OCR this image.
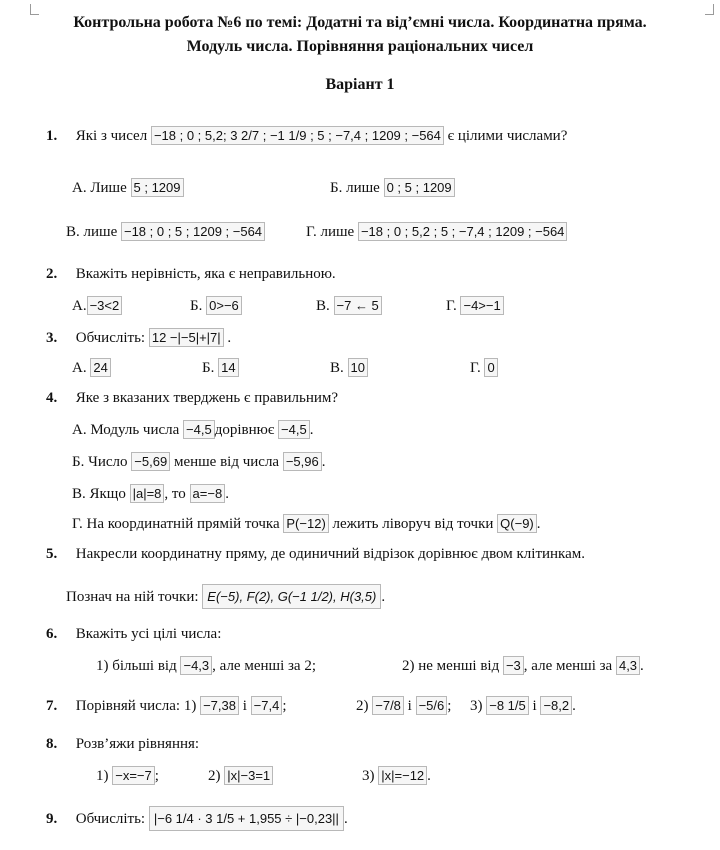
Контрольна робота №6 по темі: Додатні та від’ємні числа. Координатна пряма.
Модуль числа. Порівняння раціональних чисел
Варіант 1
1. Які з чисел −18 ; 0 ; 5,2; 3 2/7 ; −1 1/9 ; 5 ; −7,4 ; 1209 ; −564 є цілими числами?
А. Лише 5 ; 1209	Б. лише 0 ; 5 ; 1209
В. лише −18 ; 0 ; 5 ; 1209 ; −564	Г. лише −18 ; 0 ; 5,2 ; 5 ; −7,4 ; 1209 ; −564
2. Вкажіть нерівність, яка є неправильною.
А. −3<2	Б. 0>−6	В. −7 ← 5	Г. −4>−1
3. Обчисліть: 12 −|−5|+|7| .
А. 24	Б. 14	В. 10	Г. 0
4. Яке з вказаних тверджень є правильним?
А. Модуль числа −4,5 дорівнює −4,5 .
Б. Число −5,69 менше від числа −5,96 .
В. Якщо |a|=8 , то a=−8 .
Г. На координатній прямій точка P(−12) лежить ліворуч від точки Q(−9) .
5. Накресли координатну пряму, де одиничний відрізок дорівнює двом клітинкам.
Познач на ній точки: E(−5), F(2), G(−1 1/2), H(3,5) .
6. Вкажіть усі цілі числа:
1) більші від −4,3 , але менші за 2;	2) не менші від −3 , але менші за 4,3 .
7. Порівняй числа: 1) −7,38 і −7,4 ;	2) −7/8 і −5/6 ; 3) −8 1/5 і −8,2 .
8. Розв’яжи рівняння:
1) −x=−7 ;	2) |x|−3=1	3) |x|=−12 .
9. Обчисліть: |−6 1/4 · 3 1/5 + 1,955 ÷ |−0,23|| .
